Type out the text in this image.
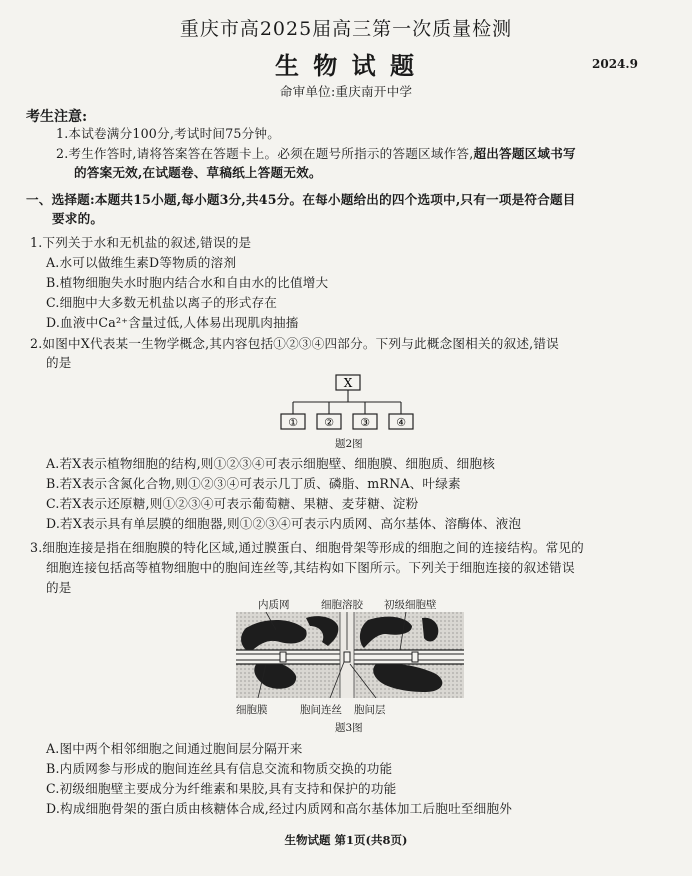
重庆市高2025届高三第一次质量检测
生 物 试 题	2024.9
命审单位:重庆南开中学
考生注意:
1.本试卷满分100分,考试时间75分钟。
2.考生作答时,请将答案答在答题卡上。必须在题号所指示的答题区域作答,超出答题区域书写
的答案无效,在试题卷、草稿纸上答题无效。
一、选择题:本题共15小题,每小题3分,共45分。在每小题给出的四个选项中,只有一项是符合题目
要求的。
1.下列关于水和无机盐的叙述,错误的是
A.水可以做维生素D等物质的溶剂
B.植物细胞失水时胞内结合水和自由水的比值增大
C.细胞中大多数无机盐以离子的形式存在
D.血液中Ca²⁺含量过低,人体易出现肌肉抽搐
2.如图中X代表某一生物学概念,其内容包括①②③④四部分。下列与此概念图相关的叙述,错误
的是
X
① ② ③ ④
题2图
A.若X表示植物细胞的结构,则①②③④可表示细胞壁、细胞膜、细胞质、细胞核
B.若X表示含氮化合物,则①②③④可表示几丁质、磷脂、mRNA、叶绿素
C.若X表示还原糖,则①②③④可表示葡萄糖、果糖、麦芽糖、淀粉
D.若X表示具有单层膜的细胞器,则①②③④可表示内质网、高尔基体、溶酶体、液泡
3.细胞连接是指在细胞膜的特化区域,通过膜蛋白、细胞骨架等形成的细胞之间的连接结构。常见的
细胞连接包括高等植物细胞中的胞间连丝等,其结构如下图所示。下列关于细胞连接的叙述错误
的是
内质网	细胞溶胶 初级细胞壁
细胞膜	胞间连丝 胞间层
题3图
A.图中两个相邻细胞之间通过胞间层分隔开来
B.内质网参与形成的胞间连丝具有信息交流和物质交换的功能
C.初级细胞壁主要成分为纤维素和果胶,具有支持和保护的功能
D.构成细胞骨架的蛋白质由核糖体合成,经过内质网和高尔基体加工后胞吐至细胞外
生物试题 第1页(共8页)
